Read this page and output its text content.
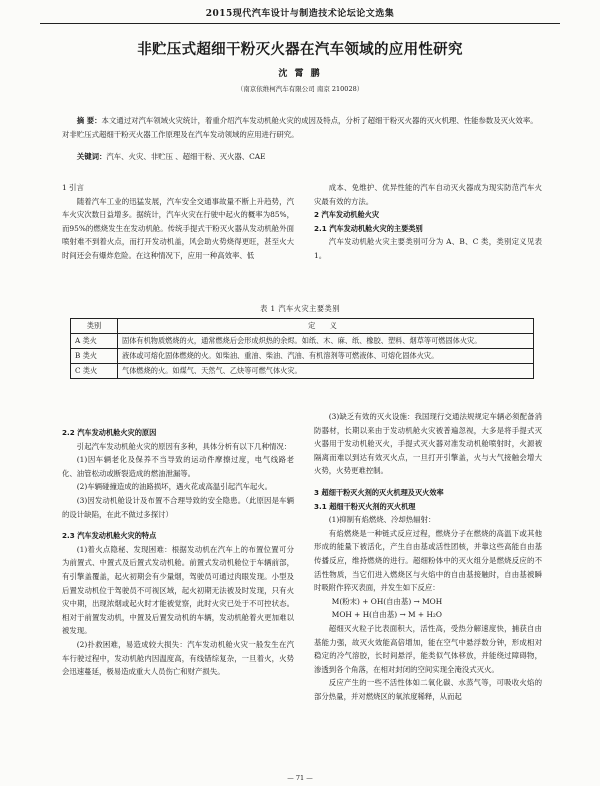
2015现代汽车设计与制造技术论坛论文选集
非贮压式超细干粉灭火器在汽车领域的应用性研究
沈 霄 鹏
（南京依维柯汽车有限公司 南京 210028）
摘 要：本文通过对汽车领域火灾统计，着重介绍汽车发动机舱火灾的成因及特点，分析了超细干粉灭火器的灭火机理、性能参数及灭火效率。对非贮压式超细干粉灭火器工作原理及在汽车发动领域的应用进行研究。
关键词：汽车、火灾、非贮压 、超细干粉、灭火器、CAE
1 引言

随着汽车工业的迅猛发展，汽车安全交通事故量不断上升趋势，汽车火灾次数日益增多。据统计，汽车火灾在行驶中起火的概率为85%，而95%的燃烧发生在发动机舱。传统手提式干粉灭火器从发动机舱外面喷射难不到着火点，而打开发动机盖，风会助火势烧得更旺，甚至火大时间还会有爆炸危险。在这种情况下，应用一种高效率、低

成本、免维护、优异性能的汽车自动灭火器成为现实防范汽车火灾最有效的方法。

2 汽车发动机舱火灾
2.1 汽车发动机舱火灾的主要类别

汽车发动机舱火灾主要类别可分为 A、B、C 类，类别定义见表 1。

表 1 汽车火灾主要类别
类别	定 义
A 类火	固体有机物质燃烧的火，通常燃烧后会形成炽热的余烬。如纸、木、麻、纸、橡胶、塑料、烟草等可燃固体火灾。
B 类火	液体或可熔化固体燃烧的火。如柴油、重油、柴油、汽油、有机溶剂等可燃液体、可熔化固体火灾。
C 类火	气体燃烧的火。如煤气、天然气、乙炔等可燃气体火灾。
2.2 汽车发动机舱火灾的原因

引起汽车发动机舱火灾的原因有多种，具体分析有以下几种情况：

(1)因车辆老化及保养不当导致的运动件摩擦过度，电气线路老化、油管松动或断裂造成的燃油泄漏等。

(2)车辆碰撞造成的油路损坏，遇火花或高温引起汽车起火。

(3)因发动机舱设计及布置不合理导致的安全隐患。（此原因是车辆的设计缺陷，在此不做过多探讨）

2.3 汽车发动机舱火灾的特点

(1)着火点隐秘、发现困难：根据发动机在汽车上的布置位置可分为前置式、中置式及后置式发动机舱。前置式发动机舱位于车辆前部，有引擎盖覆盖，起火初期会有少量烟，驾驶员可通过肉眼发现。小型及后置发动机位于驾驶员不可视区域，起火初期无法被及时发现，只有火灾中期，出现浓烟或起火时才能被觉察，此时火灾已处于不可控状态。相对于前置发动机，中置及后置发动机的车辆，发动机舱着火更加难以被发现。

(2)扑救困难，易造成较大损失：汽车发动机舱火灾一般发生在汽车行驶过程中，发动机舱内因温度高，有线错综复杂，一旦着火，火势会迅速蔓延，极易造成重大人员伤亡和财产损失。

(3)缺乏有效的灭火设施：我国现行交通法规规定车辆必须配备消防器材，长期以来由于发动机舱火灾被普遍忽视，大多是将手提式灭火器用于发动机舱灭火，手提式灭火器对准发动机舱喷射时，火源被隔离而难以到达有效灭火点，一旦打开引擎盖，火与大气接触会增大火势，火势更难控制。

3 超细干粉灭火剂的灭火机理及灭火效率
3.1 超细干粉灭火剂的灭火机理

(1)抑制有焰燃烧、冷却热辐射：

有焰燃烧是一种链式反应过程，燃烧分子在燃烧的高温下或其他形成的能量下被活化，产生自由基或活性团核，并靠这些高能自由基传播反应，维持燃烧的进行。超细粉体中的灭火组分是燃烧反应的不活性物质，当它们进入燃烧区与火焰中的自由基接触时，自由基被瞬时吸附作猝灭表面，并发生如下反应：

M(粉末) + OH(自由基) → MOH
MOH + H(自由基) → M + H₂O

超细灭火粒子比表面积大，活性高，受热分解速度快，捕获自由基能力强，故灭火效能高倍增加，能在空气中悬浮数分钟，形成相对稳定的冷气溶胶，长时间悬浮，能类似气体移放，并能绕过障碍物，渗透到各个角落，在相对封闭的空间实现全淹没式灭火。

反应产生的一些不活性体如二氧化碳、水蒸气等，可吸收火焰的部分热量，并对燃烧区的氧浓度稀释，从而起

— 71 —
